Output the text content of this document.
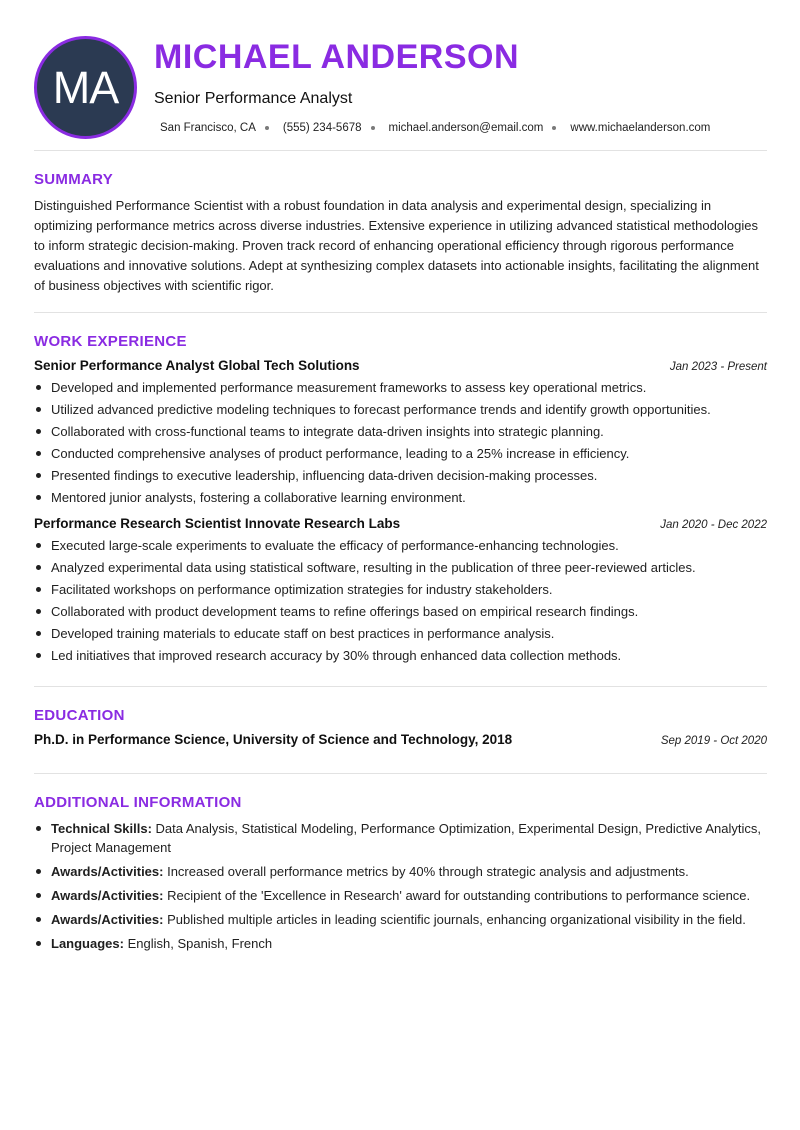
MA
MICHAEL ANDERSON
Senior Performance Analyst
San Francisco, CA (555) 234-5678 michael.anderson@email.com www.michaelanderson.com
SUMMARY

Distinguished Performance Scientist with a robust foundation in data analysis and experimental design, specializing in optimizing performance metrics across diverse industries. Extensive experience in utilizing advanced statistical methodologies to inform strategic decision-making. Proven track record of enhancing operational efficiency through rigorous performance evaluations and innovative solutions. Adept at synthesizing complex datasets into actionable insights, facilitating the alignment of business objectives with scientific rigor.

WORK EXPERIENCE
Senior Performance Analyst Global Tech Solutions	Jan 2023 - Present
Developed and implemented performance measurement frameworks to assess key operational metrics.
Utilized advanced predictive modeling techniques to forecast performance trends and identify growth opportunities.
Collaborated with cross-functional teams to integrate data-driven insights into strategic planning.
Conducted comprehensive analyses of product performance, leading to a 25% increase in efficiency.
Presented findings to executive leadership, influencing data-driven decision-making processes.
Mentored junior analysts, fostering a collaborative learning environment.
Performance Research Scientist Innovate Research Labs	Jan 2020 - Dec 2022
Executed large-scale experiments to evaluate the efficacy of performance-enhancing technologies.
Analyzed experimental data using statistical software, resulting in the publication of three peer-reviewed articles.
Facilitated workshops on performance optimization strategies for industry stakeholders.
Collaborated with product development teams to refine offerings based on empirical research findings.
Developed training materials to educate staff on best practices in performance analysis.
Led initiatives that improved research accuracy by 30% through enhanced data collection methods.
EDUCATION
Ph.D. in Performance Science, University of Science and Technology, 2018	Sep 2019 - Oct 2020
ADDITIONAL INFORMATION
Technical Skills: Data Analysis, Statistical Modeling, Performance Optimization, Experimental Design, Predictive Analytics, Project Management
Awards/Activities: Increased overall performance metrics by 40% through strategic analysis and adjustments.
Awards/Activities: Recipient of the 'Excellence in Research' award for outstanding contributions to performance science.
Awards/Activities: Published multiple articles in leading scientific journals, enhancing organizational visibility in the field.
Languages: English, Spanish, French
